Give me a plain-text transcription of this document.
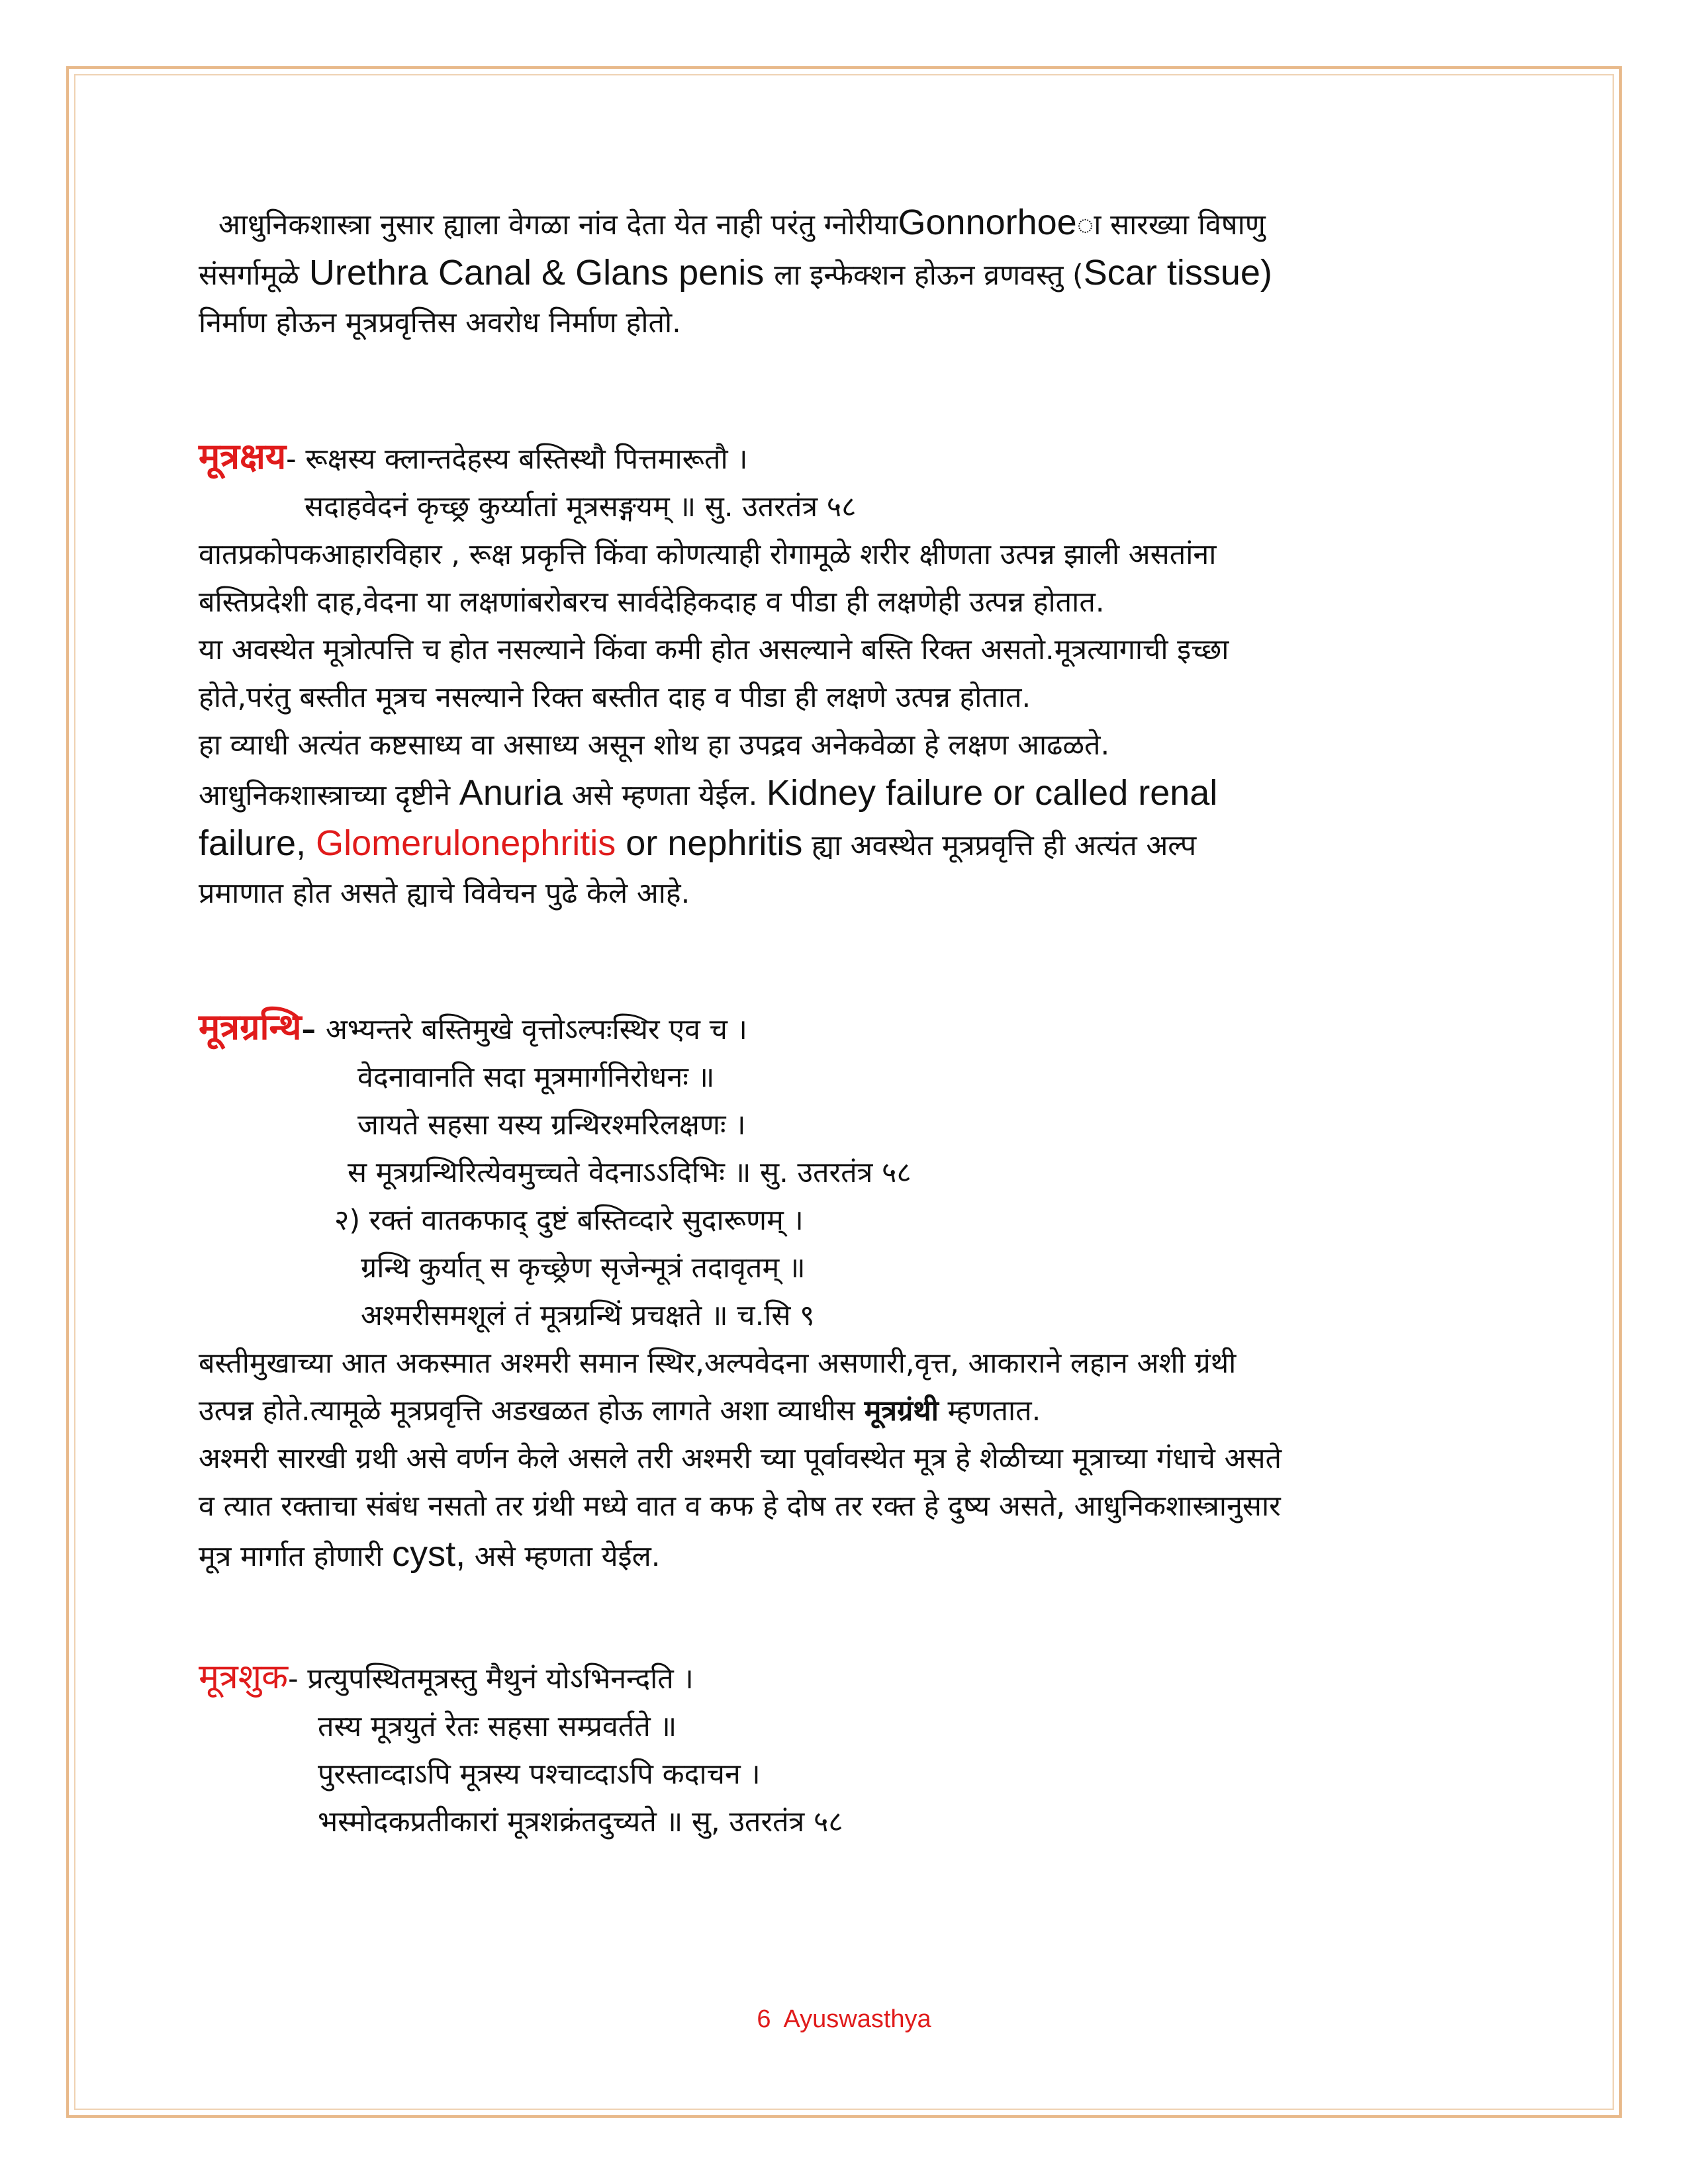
आधुनिकशास्त्रा नुसार ह्याला वेगळा नांव देता येत नाही परंतु ग्नोरीयाGonnorhoeा सारख्या विषाणु
संसर्गामूळे Urethra Canal & Glans penis ला इन्फेक्शन होऊन व्रणवस्तु (Scar tissue)
निर्माण होऊन मूत्रप्रवृत्तिस अवरोध निर्माण होतो.
मूत्रक्षय- रूक्षस्य क्लान्तदेहस्य बस्तिस्थौ पित्तमारूतौ ।
सदाहवेदनं कृच्छ्र कुर्य्यातां मूत्रसङ्गयम् ॥ सु. उतरतंत्र ५८
वातप्रकोपकआहारविहार , रूक्ष प्रकृत्ति किंवा कोणत्याही रोगामूळे शरीर क्षीणता उत्पन्न झाली असतांना
बस्तिप्रदेशी दाह,वेदना या लक्षणांबरोबरच सार्वदेहिकदाह व पीडा ही लक्षणेही उत्पन्न होतात.
या अवस्थेत मूत्रोत्पत्ति च होत नसल्याने किंवा कमी होत असल्याने बस्ति रिक्त असतो.मूत्रत्यागाची इच्छा
होते,परंतु बस्तीत मूत्रच नसल्याने रिक्त बस्तीत दाह व पीडा ही लक्षणे उत्पन्न होतात.
हा व्याधी अत्यंत कष्टसाध्य वा असाध्य असून शोथ हा उपद्रव अनेकवेळा हे लक्षण आढळते.
आधुनिकशास्त्राच्या दृष्टीने Anuria असे म्हणता येईल. Kidney failure or called renal
failure, Glomerulonephritis or nephritis ह्या अवस्थेत मूत्रप्रवृत्ति ही अत्यंत अल्प
प्रमाणात होत असते ह्याचे विवेचन पुढे केले आहे.
मूत्रग्रन्थि– अभ्यन्तरे बस्तिमुखे वृत्तोऽल्पःस्थिर एव च ।
वेदनावानति सदा मूत्रमार्गनिरोधनः ॥
जायते सहसा यस्य ग्रन्थिरश्मरिलक्षणः ।
स मूत्रग्रन्थिरित्येवमुच्चते वेदनाऽऽदिभिः ॥ सु. उतरतंत्र ५८
२) रक्तं वातकफाद् दुष्टं बस्तिव्दारे सुदारूणम् ।
ग्रन्थि कुर्यात् स कृच्छ्रेण सृजेन्मूत्रं तदावृतम् ॥
अश्मरीसमशूलं तं मूत्रग्रन्थिं प्रचक्षते ॥ च.सि ९
बस्तीमुखाच्या आत अकस्मात अश्मरी समान स्थिर,अल्पवेदना असणारी,वृत्त, आकाराने लहान अशी ग्रंथी
उत्पन्न होते.त्यामूळे मूत्रप्रवृत्ति अडखळत होऊ लागते अशा व्याधीस मूत्रग्रंथी म्हणतात.
अश्मरी सारखी ग्रथी असे वर्णन केले असले तरी अश्मरी च्या पूर्वावस्थेत मूत्र हे शेळीच्या मूत्राच्या गंधाचे असते
व त्यात रक्ताचा संबंध नसतो तर ग्रंथी मध्ये वात व कफ हे दोष तर रक्त हे दुष्य असते, आधुनिकशास्त्रानुसार
मूत्र मार्गात होणारी cyst, असे म्हणता येईल.
मूत्रशुक- प्रत्युपस्थितमूत्रस्तु मैथुनं योऽभिनन्दति ।
तस्य मूत्रयुतं रेतः सहसा सम्प्रवर्तते ॥
पुरस्ताव्दाऽपि मूत्रस्य पश्चाव्दाऽपि कदाचन ।
भस्मोदकप्रतीकारां मूत्रशक्रंतदुच्यते ॥ सु, उतरतंत्र ५८
6 Ayuswasthya
